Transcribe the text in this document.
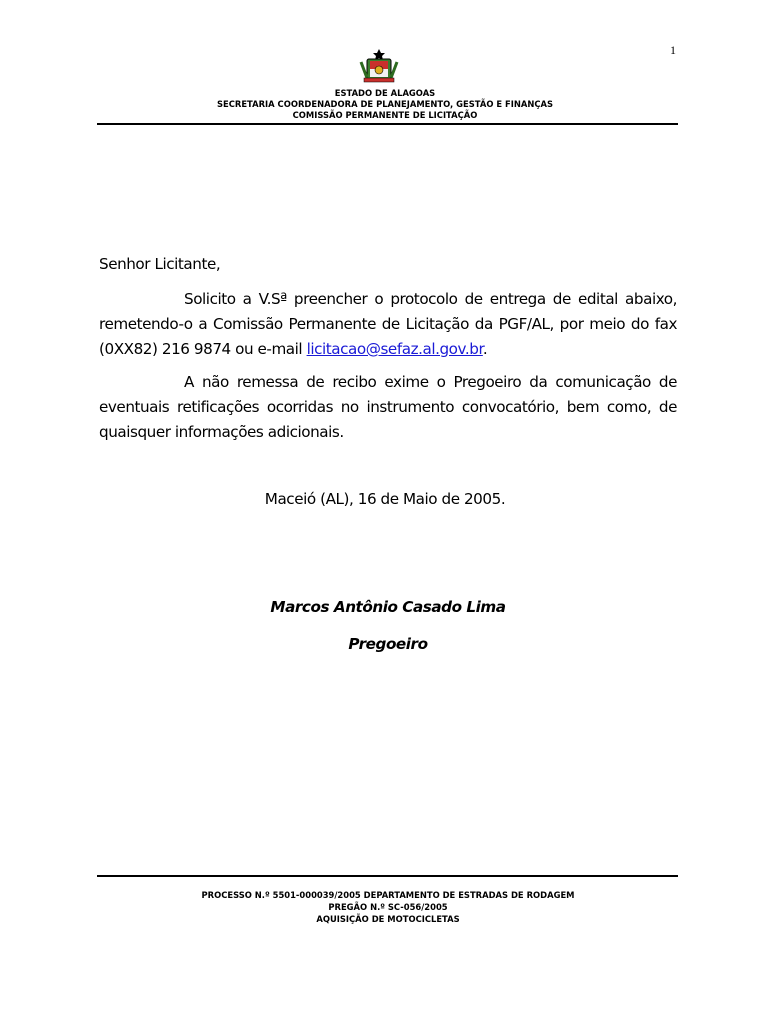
1
ESTADO DE ALAGOAS
SECRETARIA COORDENADORA DE PLANEJAMENTO, GESTÃO E FINANÇAS
COMISSÃO PERMANENTE DE LICITAÇÃO
Senhor Licitante,

Solicito a V.Sª preencher o protocolo de entrega de edital abaixo, remetendo-o a Comissão Permanente de Licitação da PGF/AL, por meio do fax (0XX82) 216 9874 ou e-mail licitacao@sefaz.al.gov.br.

A não remessa de recibo exime o Pregoeiro da comunicação de eventuais retificações ocorridas no instrumento convocatório, bem como, de quaisquer informações adicionais.

Maceió (AL), 16 de Maio de 2005.
Marcos Antônio Casado Lima
Pregoeiro
PROCESSO N.º 5501-000039/2005 DEPARTAMENTO DE ESTRADAS DE RODAGEM
PREGÃO N.º SC-056/2005
AQUISIÇÃO DE MOTOCICLETAS
